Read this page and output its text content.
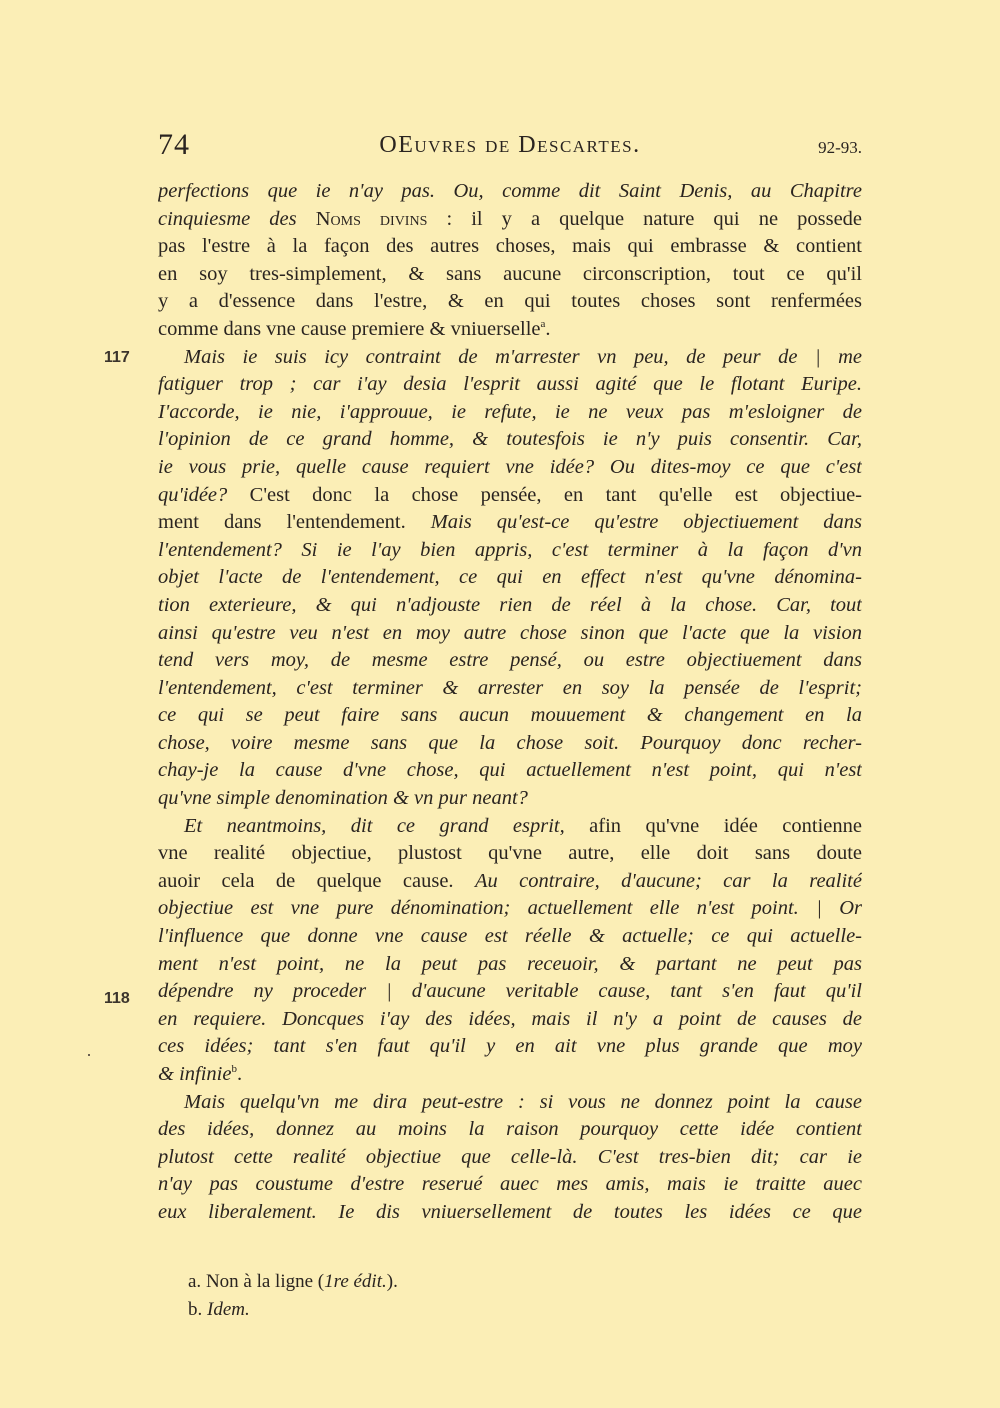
74	OEuvres de Descartes.	92-93.
117
118
perfections que ie n'ay pas. Ou, comme dit Saint Denis, au Chapitre
cinquiesme des Noms divins : il y a quelque nature qui ne possede
pas l'estre à la façon des autres choses, mais qui embrasse & contient
en soy tres-simplement, & sans aucune circonscription, tout ce qu'il
y a d'essence dans l'estre, & en qui toutes choses sont renfermées
comme dans vne cause premiere & vniuerselle$^a$.
Mais ie suis icy contraint de m'arrester vn peu, de peur de | me
fatiguer trop ; car i'ay desia l'esprit aussi agité que le flotant Euripe.
I'accorde, ie nie, i'approuue, ie refute, ie ne veux pas m'esloigner de
l'opinion de ce grand homme, & toutesfois ie n'y puis consentir. Car,
ie vous prie, quelle cause requiert vne idée? Ou dites-moy ce que c'est
qu'idée? C'est donc la chose pensée, en tant qu'elle est objectiue-
ment dans l'entendement. Mais qu'est-ce qu'estre objectiuement dans
l'entendement? Si ie l'ay bien appris, c'est terminer à la façon d'vn
objet l'acte de l'entendement, ce qui en effect n'est qu'vne dénomina-
tion exterieure, & qui n'adjouste rien de réel à la chose. Car, tout
ainsi qu'estre veu n'est en moy autre chose sinon que l'acte que la vision
tend vers moy, de mesme estre pensé, ou estre objectiuement dans
l'entendement, c'est terminer & arrester en soy la pensée de l'esprit;
ce qui se peut faire sans aucun mouuement & changement en la
chose, voire mesme sans que la chose soit. Pourquoy donc recher-
chay-je la cause d'vne chose, qui actuellement n'est point, qui n'est
qu'vne simple denomination & vn pur neant?
Et neantmoins, dit ce grand esprit, afin qu'vne idée contienne
vne realité objectiue, plustost qu'vne autre, elle doit sans doute
auoir cela de quelque cause. Au contraire, d'aucune; car la realité
objectiue est vne pure dénomination; actuellement elle n'est point. | Or
l'influence que donne vne cause est réelle & actuelle; ce qui actuelle-
ment n'est point, ne la peut pas receuoir, & partant ne peut pas
dépendre ny proceder | d'aucune veritable cause, tant s'en faut qu'il
en requiere. Doncques i'ay des idées, mais il n'y a point de causes de
ces idées; tant s'en faut qu'il y en ait vne plus grande que moy
& infinie$^b$.
Mais quelqu'vn me dira peut-estre : si vous ne donnez point la cause
des idées, donnez au moins la raison pourquoy cette idée contient
plutost cette realité objectiue que celle-là. C'est tres-bien dit; car ie
n'ay pas coustume d'estre reserué auec mes amis, mais ie traitte auec
eux liberalement. Ie dis vniuersellement de toutes les idées ce que
a. Non à la ligne (1re édit.).
b. Idem.
